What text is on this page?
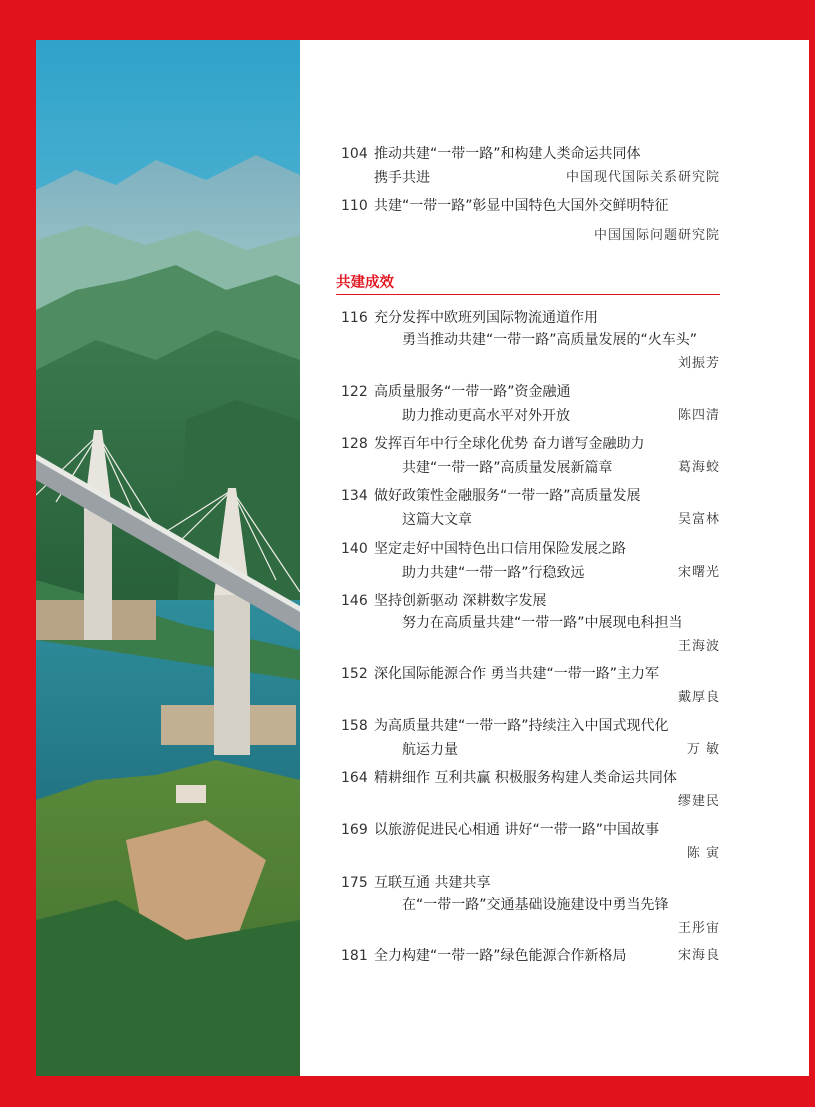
104 推动共建“一带一路”和构建人类命运共同体
携手共进	中国现代国际关系研究院
110 共建“一带一路”彰显中国特色大国外交鲜明特征
中国国际问题研究院
共建成效
116 充分发挥中欧班列国际物流通道作用
勇当推动共建“一带一路”高质量发展的“火车头”
刘振芳
122 高质量服务“一带一路”资金融通
助力推动更高水平对外开放	陈四清
128 发挥百年中行全球化优势 奋力谱写金融助力
共建“一带一路”高质量发展新篇章	葛海蛟
134 做好政策性金融服务“一带一路”高质量发展
这篇大文章	吴富林
140 坚定走好中国特色出口信用保险发展之路
助力共建“一带一路”行稳致远	宋曙光
146 坚持创新驱动 深耕数字发展
努力在高质量共建“一带一路”中展现电科担当
王海波
152 深化国际能源合作 勇当共建“一带一路”主力军
戴厚良
158 为高质量共建“一带一路”持续注入中国式现代化
航运力量	万 敏
164 精耕细作 互利共赢 积极服务构建人类命运共同体
缪建民
169 以旅游促进民心相通 讲好“一带一路”中国故事
陈 寅
175 互联互通 共建共享
在“一带一路”交通基础设施建设中勇当先锋
王彤宙
181 全力构建“一带一路”绿色能源合作新格局	宋海良
